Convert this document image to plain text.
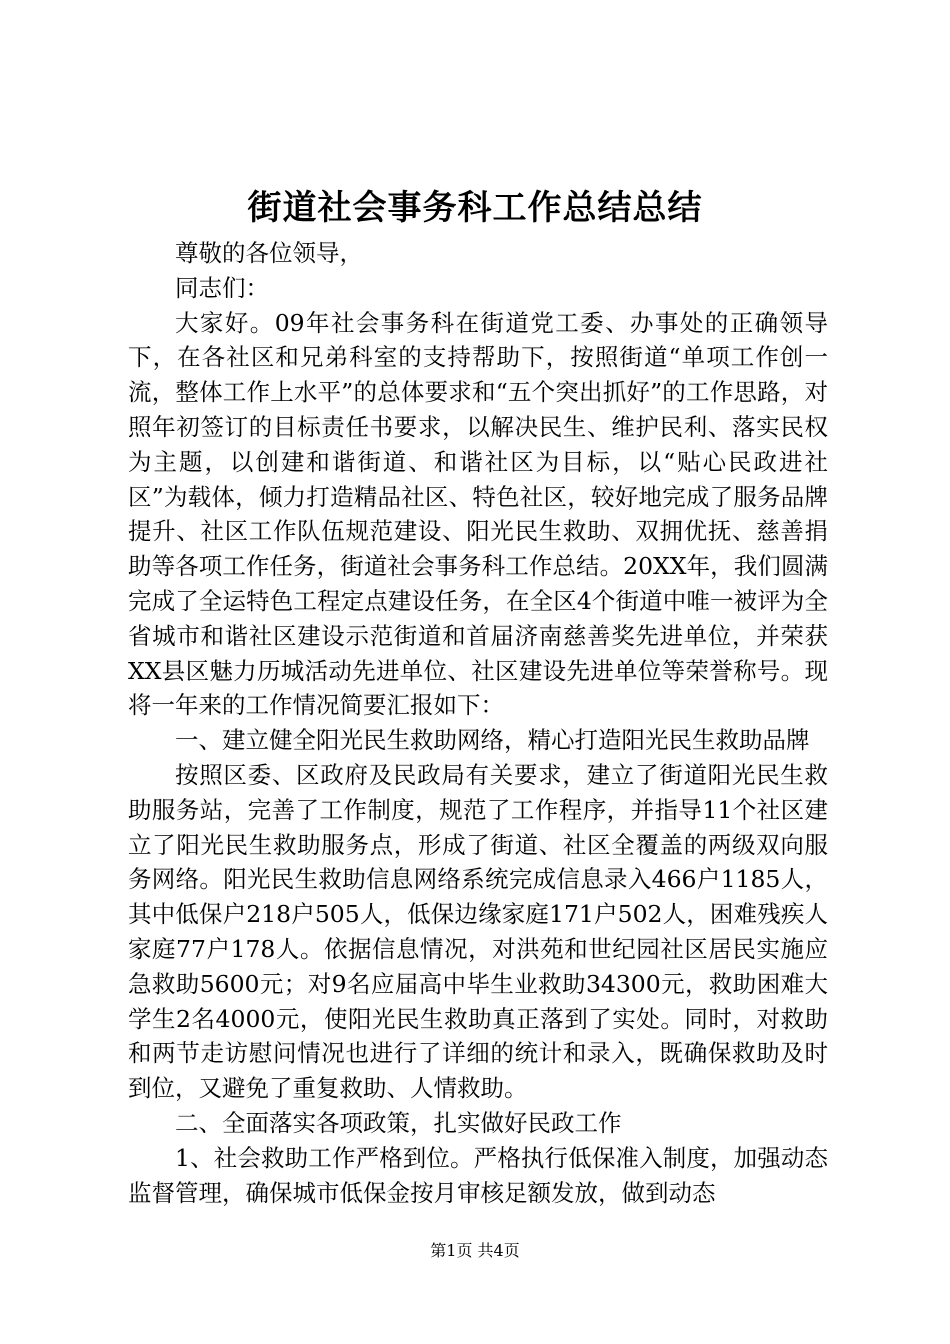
街道社会事务科工作总结总结

尊敬的各位领导，

同志们：

大家好。09年社会事务科在街道党工委、办事处的正确领导下，在各社区和兄弟科室的支持帮助下，按照街道“单项工作创一流，整体工作上水平”的总体要求和“五个突出抓好”的工作思路，对照年初签订的目标责任书要求，以解决民生、维护民利、落实民权为主题，以创建和谐街道、和谐社区为目标，以“贴心民政进社区”为载体，倾力打造精品社区、特色社区，较好地完成了服务品牌提升、社区工作队伍规范建设、阳光民生救助、双拥优抚、慈善捐助等各项工作任务，街道社会事务科工作总结。20XX年，我们圆满完成了全运特色工程定点建设任务，在全区4个街道中唯一被评为全省城市和谐社区建设示范街道和首届济南慈善奖先进单位，并荣获XX县区魅力历城活动先进单位、社区建设先进单位等荣誉称号。现将一年来的工作情况简要汇报如下：

一、建立健全阳光民生救助网络，精心打造阳光民生救助品牌

按照区委、区政府及民政局有关要求，建立了街道阳光民生救助服务站，完善了工作制度，规范了工作程序，并指导11个社区建立了阳光民生救助服务点，形成了街道、社区全覆盖的两级双向服务网络。阳光民生救助信息网络系统完成信息录入466户1185人，其中低保户218户505人，低保边缘家庭171户502人，困难残疾人家庭77户178人。依据信息情况，对洪苑和世纪园社区居民实施应急救助5600元；对9名应届高中毕生业救助34300元，救助困难大学生2名4000元，使阳光民生救助真正落到了实处。同时，对救助和两节走访慰问情况也进行了详细的统计和录入，既确保救助及时到位，又避免了重复救助、人情救助。

二、全面落实各项政策，扎实做好民政工作

1、社会救助工作严格到位。严格执行低保准入制度，加强动态监督管理，确保城市低保金按月审核足额发放，做到动态

第1页 共4页
